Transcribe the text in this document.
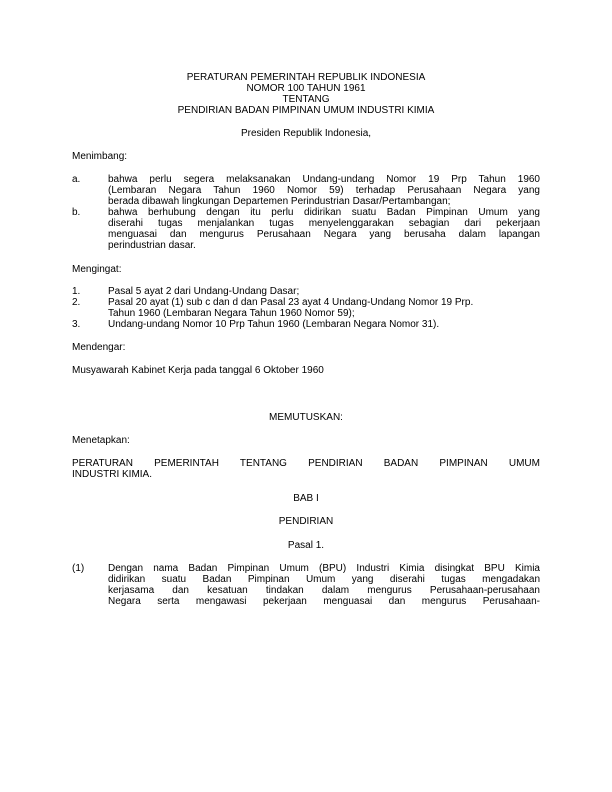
PERATURAN PEMERINTAH REPUBLIK INDONESIA
NOMOR 100 TAHUN 1961
TENTANG
PENDIRIAN BADAN PIMPINAN UMUM INDUSTRI KIMIA
Presiden Republik Indonesia,
Menimbang:
a.	bahwa perlu segera melaksanakan Undang-undang Nomor 19 Prp Tahun 1960
(Lembaran Negara Tahun 1960 Nomor 59) terhadap Perusahaan Negara yang
berada dibawah lingkungan Departemen Perindustrian Dasar/Pertambangan;
b.	bahwa berhubung dengan itu perlu didirikan suatu Badan Pimpinan Umum yang
diserahi tugas menjalankan tugas menyelenggarakan sebagian dari pekerjaan
menguasai dan mengurus Perusahaan Negara yang berusaha dalam lapangan
perindustrian dasar.
Mengingat:
1.	Pasal 5 ayat 2 dari Undang-Undang Dasar;
2.	Pasal 20 ayat (1) sub c dan d dan Pasal 23 ayat 4 Undang-Undang Nomor 19 Prp.
Tahun 1960 (Lembaran Negara Tahun 1960 Nomor 59);
3.	Undang-undang Nomor 10 Prp Tahun 1960 (Lembaran Negara Nomor 31).
Mendengar:
Musyawarah Kabinet Kerja pada tanggal 6 Oktober 1960
MEMUTUSKAN:
Menetapkan:
PERATURAN PEMERINTAH TENTANG PENDIRIAN BADAN PIMPINAN UMUM
INDUSTRI KIMIA.
BAB I
PENDIRIAN
Pasal 1.
(1) Dengan nama Badan Pimpinan Umum (BPU) Industri Kimia disingkat BPU Kimia
didirikan suatu Badan Pimpinan Umum yang diserahi tugas mengadakan
kerjasama dan kesatuan tindakan dalam mengurus Perusahaan-perusahaan
Negara serta mengawasi pekerjaan menguasai dan mengurus Perusahaan-
